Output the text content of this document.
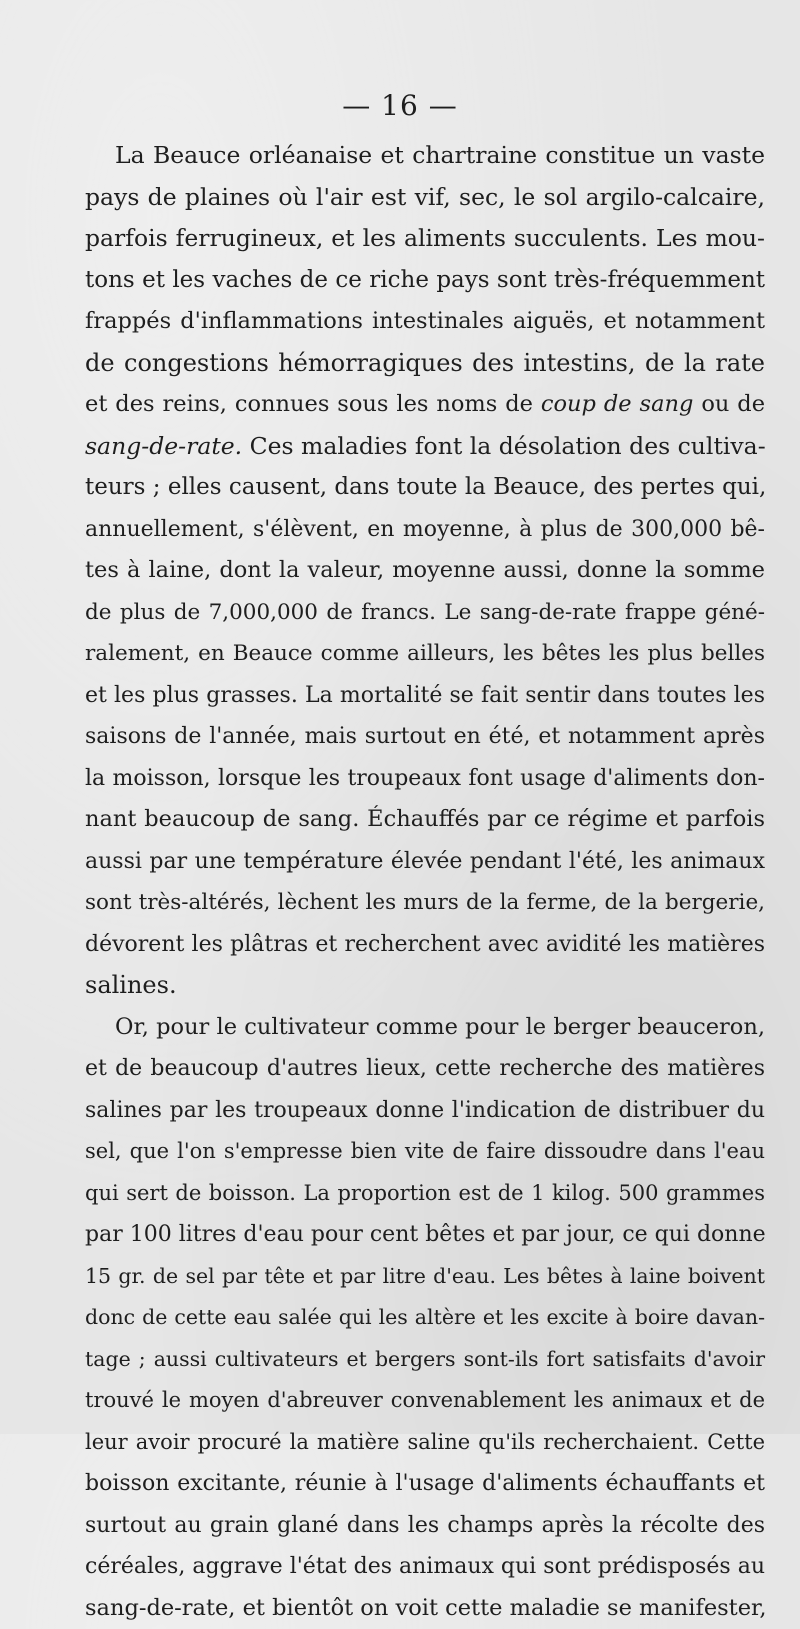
— 16 —
La Beauce orléanaise et chartraine constitue un vaste
pays de plaines où l'air est vif, sec, le sol argilo-calcaire,
parfois ferrugineux, et les aliments succulents. Les mou-
tons et les vaches de ce riche pays sont très-fréquemment
frappés d'inflammations intestinales aiguës, et notamment
de congestions hémorragiques des intestins, de la rate
et des reins, connues sous les noms de coup de sang ou de
sang-de-rate. Ces maladies font la désolation des cultiva-
teurs ; elles causent, dans toute la Beauce, des pertes qui,
annuellement, s'élèvent, en moyenne, à plus de 300,000 bê-
tes à laine, dont la valeur, moyenne aussi, donne la somme
de plus de 7,000,000 de francs. Le sang-de-rate frappe géné-
ralement, en Beauce comme ailleurs, les bêtes les plus belles
et les plus grasses. La mortalité se fait sentir dans toutes les
saisons de l'année, mais surtout en été, et notamment après
la moisson, lorsque les troupeaux font usage d'aliments don-
nant beaucoup de sang. Échauffés par ce régime et parfois
aussi par une température élevée pendant l'été, les animaux
sont très-altérés, lèchent les murs de la ferme, de la bergerie,
dévorent les plâtras et recherchent avec avidité les matières
salines.
Or, pour le cultivateur comme pour le berger beauceron,
et de beaucoup d'autres lieux, cette recherche des matières
salines par les troupeaux donne l'indication de distribuer du
sel, que l'on s'empresse bien vite de faire dissoudre dans l'eau
qui sert de boisson. La proportion est de 1 kilog. 500 grammes
par 100 litres d'eau pour cent bêtes et par jour, ce qui donne
15 gr. de sel par tête et par litre d'eau. Les bêtes à laine boivent
donc de cette eau salée qui les altère et les excite à boire davan-
tage ; aussi cultivateurs et bergers sont-ils fort satisfaits d'avoir
trouvé le moyen d'abreuver convenablement les animaux et de
leur avoir procuré la matière saline qu'ils recherchaient. Cette
boisson excitante, réunie à l'usage d'aliments échauffants et
surtout au grain glané dans les champs après la récolte des
céréales, aggrave l'état des animaux qui sont prédisposés au
sang-de-rate, et bientôt on voit cette maladie se manifester,
